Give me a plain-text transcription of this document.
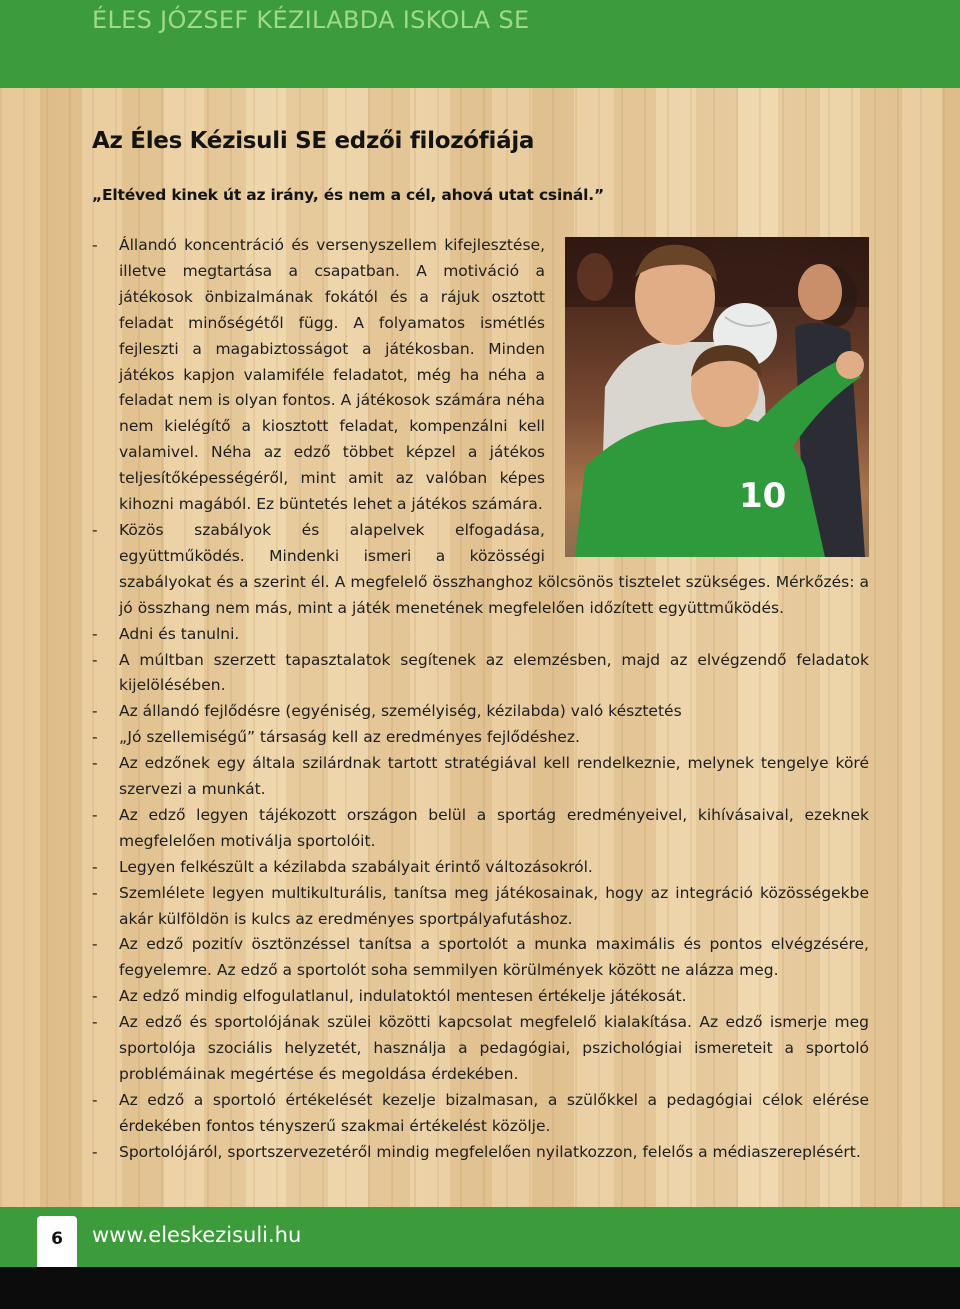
ÉLES JÓZSEF KÉZILABDA ISKOLA SE
Az Éles Kézisuli SE edzői filozófiája
„Eltéved kinek út az irány, és nem a cél, ahová utat csinál.”
10
- Állandó koncentráció és versenyszellem kifejlesztése, illetve megtartása a csapatban. A motiváció a játékosok önbizalmának fokától és a rájuk osztott feladat minőségétől függ. A folyamatos ismétlés fejleszti a magabiztosságot a játékosban. Minden játékos kapjon valamiféle feladatot, még ha néha a feladat nem is olyan fontos. A játékosok számára néha nem kielégítő a kiosztott feladat, kompenzálni kell valamivel. Néha az edző többet képzel a játékos teljesítőképességéről, mint amit az valóban képes kihozni magából. Ez büntetés lehet a játékos számára.
- Közös szabályok és alapelvek elfogadása, együttműködés. Mindenki ismeri a közösségi szabályokat és a szerint él. A megfelelő összhanghoz kölcsönös tisztelet szükséges. Mérkőzés: a jó összhang nem más, mint a játék menetének megfelelően időzített együttműködés.
- Adni és tanulni.
- A múltban szerzett tapasztalatok segítenek az elemzésben, majd az elvégzendő feladatok kijelölésében.
- Az állandó fejlődésre (egyéniség, személyiség, kézilabda) való késztetés
- „Jó szellemiségű” társaság kell az eredményes fejlődéshez.
- Az edzőnek egy általa szilárdnak tartott stratégiával kell rendelkeznie, melynek tengelye köré szervezi a munkát.
- Az edző legyen tájékozott országon belül a sportág eredményeivel, kihívásaival, ezeknek megfelelően motiválja sportolóit.
- Legyen felkészült a kézilabda szabályait érintő változásokról.
- Szemlélete legyen multikulturális, tanítsa meg játékosainak, hogy az integráció közösségekbe akár külföldön is kulcs az eredményes sportpályafutáshoz.
- Az edző pozitív ösztönzéssel tanítsa a sportolót a munka maximális és pontos elvégzésére, fegyelemre. Az edző a sportolót soha semmilyen körülmények között ne alázza meg.
- Az edző mindig elfogulatlanul, indulatoktól mentesen értékelje játékosát.
- Az edző és sportolójának szülei közötti kapcsolat megfelelő kialakítása. Az edző ismerje meg sportolója szociális helyzetét, használja a pedagógiai, pszichológiai ismereteit a sportoló problémáinak megértése és megoldása érdekében.
- Az edző a sportoló értékelését kezelje bizalmasan, a szülőkkel a pedagógiai célok elérése érdekében fontos tényszerű szakmai értékelést közölje.
- Sportolójáról, sportszervezetéről mindig megfelelően nyilatkozzon, felelős a médiaszereplésért.
6	www.eleskezisuli.hu
